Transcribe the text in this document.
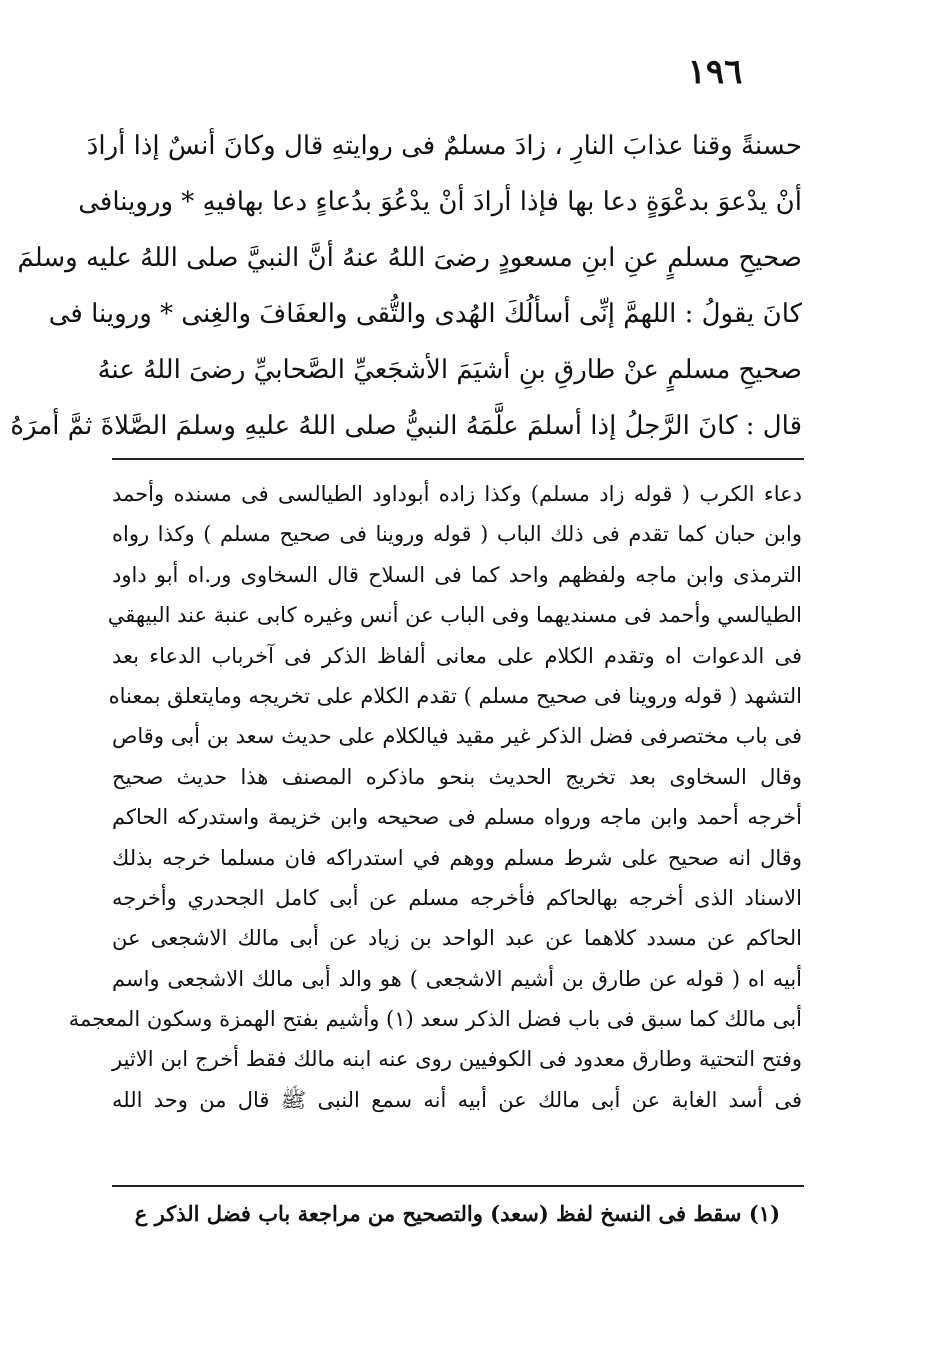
١٩٦
حسنةً وقنا عذابَ النارِ ، زادَ مسلمٌ فى روايتهِ قال وكانَ أنسٌ إذا أرادَ
أنْ يدْعوَ بدعْوَةٍ دعا بها فإذا أرادَ أنْ يدْعُوَ بدُعاءٍ دعا بهافيهِ * وروينافى
صحيحِ مسلمٍ عنِ ابنِ مسعودٍ رضىَ اللهُ عنهُ أنَّ النبيَّ صلى اللهُ عليه وسلمَ
كانَ يقولُ : اللهمَّ إنِّى أسألُكَ الهُدى والتُّقى والعفَافَ والغِنى * وروينا فى
صحيحِ مسلمٍ عنْ طارقِ بنِ أشيَمَ الأشجَعيِّ الصَّحابيِّ رضىَ اللهُ عنهُ
قال : كانَ الرَّجلُ إذا أسلمَ علَّمَهُ النبيُّ صلى اللهُ عليهِ وسلمَ الصَّلاةَ ثمَّ أمرَهُ
دعاء الكرب ( قوله زاد مسلم) وكذا زاده أبوداود الطيالسى فى مسنده وأحمد
وابن حبان كما تقدم فى ذلك الباب ( قوله وروينا فى صحيح مسلم ) وكذا رواه
الترمذى وابن ماجه ولفظهم واحد كما فى السلاح قال السخاوى ور.اه أبو داود
الطيالسي وأحمد فى مسنديهما وفى الباب عن أنس وغيره كابى عنبة عند البيهقي
فى الدعوات اه وتقدم الكلام على معانى ألفاظ الذكر فى آخرباب الدعاء بعد
التشهد ( قوله وروينا فى صحيح مسلم ) تقدم الكلام على تخريجه ومايتعلق بمعناه
فى باب مختصرفى فضل الذكر غير مقيد فيالكلام على حديث سعد بن أبى وقاص
وقال السخاوى بعد تخريج الحديث بنحو ماذكره المصنف هذا حديث صحيح
أخرجه أحمد وابن ماجه ورواه مسلم فى صحيحه وابن خزيمة واستدركه الحاكم
وقال انه صحيح على شرط مسلم ووهم في استدراكه فان مسلما خرجه بذلك
الاسناد الذى أخرجه بهالحاكم فأخرجه مسلم عن أبى كامل الجحدري وأخرجه
الحاكم عن مسدد كلاهما عن عبد الواحد بن زياد عن أبى مالك الاشجعى عن
أبيه اه ( قوله عن طارق بن أشيم الاشجعى ) هو والد أبى مالك الاشجعى واسم
أبى مالك كما سبق فى باب فضل الذكر سعد (١) وأشيم بفتح الهمزة وسكون المعجمة
وفتح التحتية وطارق معدود فى الكوفيين روى عنه ابنه مالك فقط أخرج ابن الاثير
فى أسد الغابة عن أبى مالك عن أبيه أنه سمع النبى ﷺ قال من وحد الله
(١) سقط فى النسخ لفظ (سعد) والتصحيح من مراجعة باب فضل الذكر ع
